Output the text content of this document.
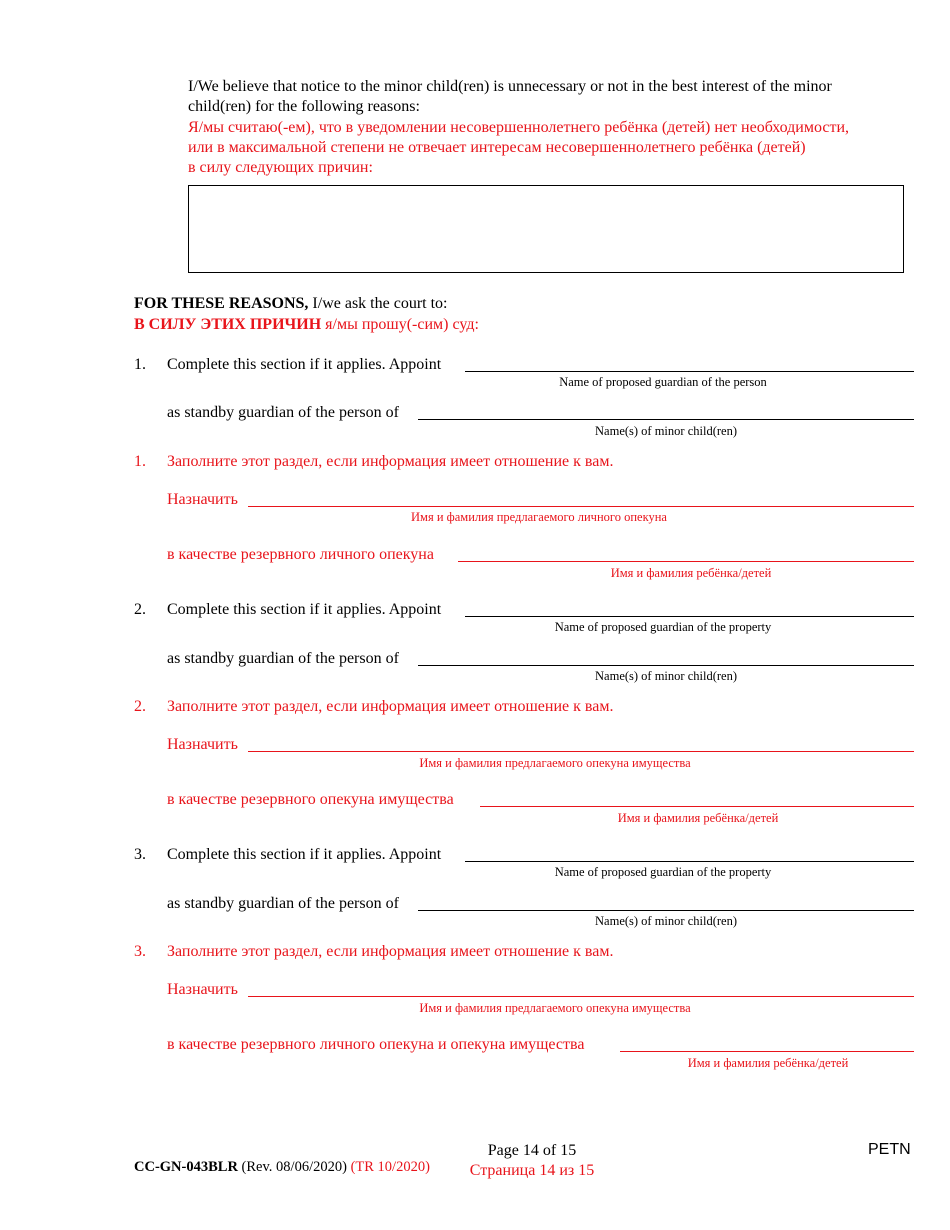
I/We believe that notice to the minor child(ren) is unnecessary or not in the best interest of the minor
child(ren) for the following reasons:
Я/мы считаю(-ем), что в уведомлении несовершеннолетнего ребёнка (детей) нет необходимости,
или в максимальной степени не отвечает интересам несовершеннолетнего ребёнка (детей)
в силу следующих причин:
FOR THESE REASONS, I/we ask the court to:
В СИЛУ ЭТИХ ПРИЧИН я/мы прошу(-сим) суд:
1. Complete this section if it applies. Appoint
Name of proposed guardian of the person
as standby guardian of the person of
Name(s) of minor child(ren)
1. Заполните этот раздел, если информация имеет отношение к вам.
Назначить
Имя и фамилия предлагаемого личного опекуна
в качестве резервного личного опекуна
Имя и фамилия ребёнка/детей
2. Complete this section if it applies. Appoint
Name of proposed guardian of the property
as standby guardian of the person of
Name(s) of minor child(ren)
2. Заполните этот раздел, если информация имеет отношение к вам.
Назначить
Имя и фамилия предлагаемого опекуна имущества
в качестве резервного опекуна имущества
Имя и фамилия ребёнка/детей
3. Complete this section if it applies. Appoint
Name of proposed guardian of the property
as standby guardian of the person of
Name(s) of minor child(ren)
3. Заполните этот раздел, если информация имеет отношение к вам.
Назначить
Имя и фамилия предлагаемого опекуна имущества
в качестве резервного личного опекуна и опекуна имущества
Имя и фамилия ребёнка/детей
Page 14 of 15
Страница 14 из 15
PETN
CC-GN-043BLR (Rev. 08/06/2020) (TR 10/2020)
